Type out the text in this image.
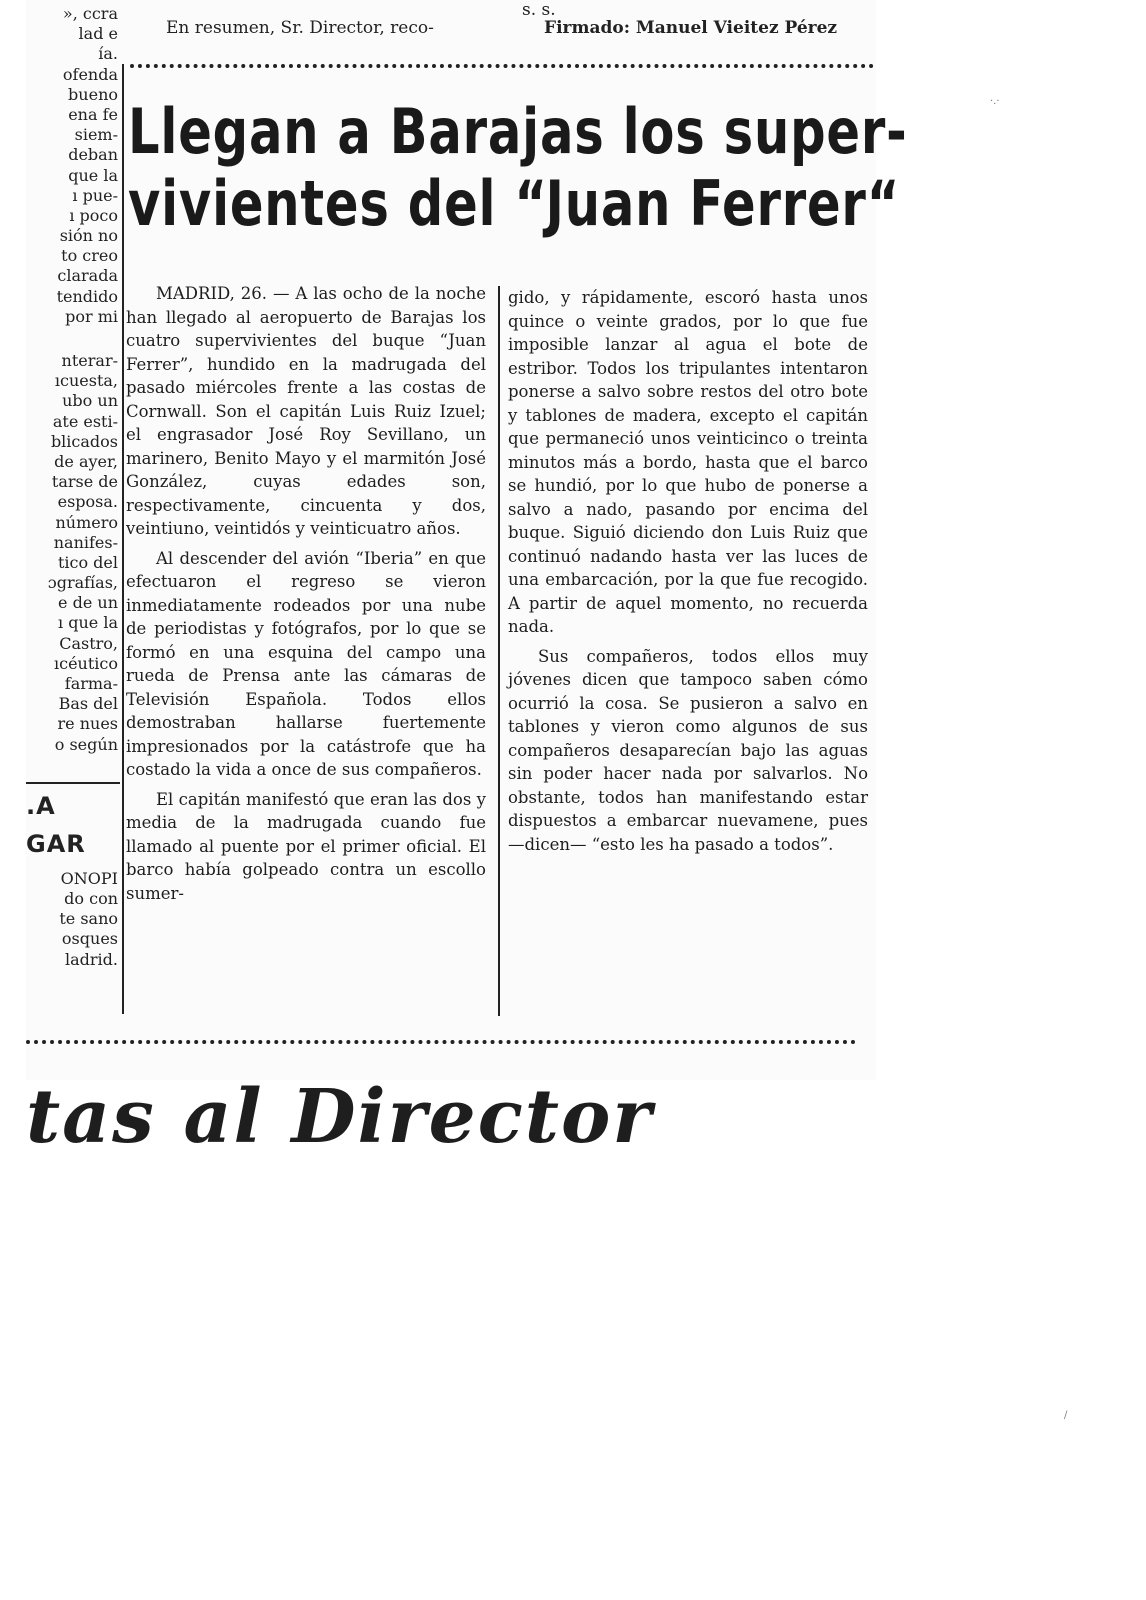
En resumen, Sr. Director, reco-
s. s.
Firmado: Manuel Vieitez Pérez
», ccra
lad e
ía.
ofenda
bueno
ena fe
siem-
deban
que la
ı pue-
ı poco
sión no
to creo
clarada
tendido
por mi
nterar-
ıcuesta,
ubo un
ate esti-
blicados
de ayer,
tarse de
esposa.
número
nanifes-
tico del
ɔgrafías,
e de un
ı que la
Castro,
ıcéutico
farma-
Bas del
re nues
o según
.A
GAR
ONOPI
do con
te sano
osques
ladrid.
Llegan a Barajas los super-
vivientes del “Juan Ferrer“

MADRID, 26. — A las ocho de la noche han llegado al aeropuerto de Barajas los cuatro supervivientes del buque “Juan Ferrer”, hundido en la madrugada del pasado miércoles frente a las costas de Cornwall. Son el capitán Luis Ruiz Izuel; el engrasador José Roy Sevillano, un marinero, Benito Mayo y el marmitón José González, cuyas edades son, respectivamente, cincuenta y dos, veintiuno, veintidós y veinticuatro años.

Al descender del avión “Iberia” en que efectuaron el regreso se vieron inmediatamente rodeados por una nube de periodistas y fotógrafos, por lo que se formó en una esquina del campo una rueda de Prensa ante las cámaras de Televisión Española. Todos ellos demostraban hallarse fuertemente impresionados por la catástrofe que ha costado la vida a once de sus compañeros.

El capitán manifestó que eran las dos y media de la madrugada cuando fue llamado al puente por el primer oficial. El barco había golpeado contra un escollo sumer-

gido, y rápidamente, escoró hasta unos quince o veinte grados, por lo que fue imposible lanzar al agua el bote de estribor. Todos los tripulantes intentaron ponerse a salvo sobre restos del otro bote y tablones de madera, excepto el capitán que permaneció unos veinticinco o treinta minutos más a bordo, hasta que el barco se hundió, por lo que hubo de ponerse a salvo a nado, pasando por encima del buque. Siguió diciendo don Luis Ruiz que continuó nadando hasta ver las luces de una embarcación, por la que fue recogido. A partir de aquel momento, no recuerda nada.

Sus compañeros, todos ellos muy jóvenes dicen que tampoco saben cómo ocurrió la cosa. Se pusieron a salvo en tablones y vieron como algunos de sus compañeros desaparecían bajo las aguas sin poder hacer nada por salvarlos. No obstante, todos han manifestando estar dispuestos a embarcar nuevamene, pues —dicen— “esto les ha pasado a todos”.

tas al Director
·.·
/
